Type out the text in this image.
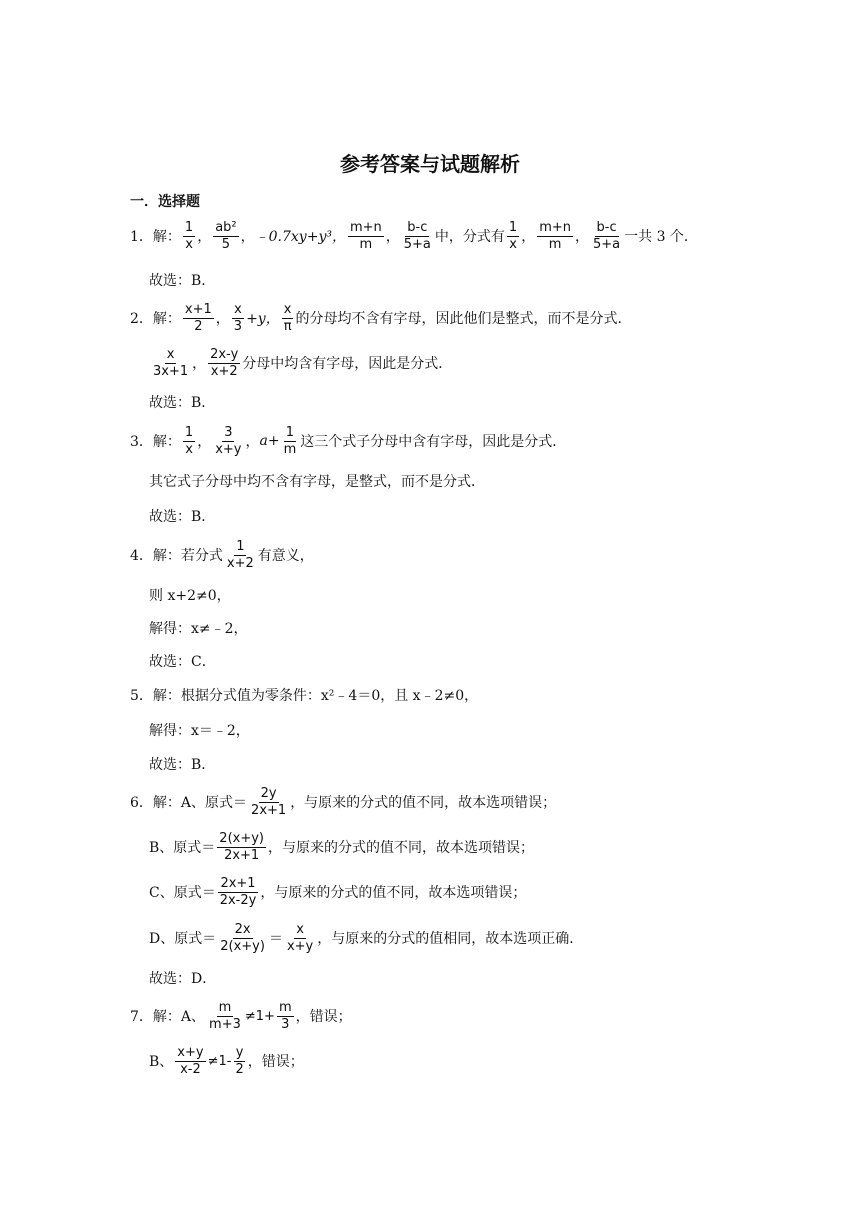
参考答案与试题解析
一．选择题
1．解： $\frac{1}{x}$ ， $\frac{\text{ab²}}{5}$ ， ﹣0.7xy+y³， $\frac{m+n}{m}$ ， $\frac{b-c}{5+a}$ 中，分式有 $\frac{1}{x}$ ， $\frac{m+n}{m}$ ， $\frac{b-c}{5+a}$ 一共 3 个．
故选：B．
2．解： $\frac{x+1}{2}$ ， $\frac{x}{3} +y$， $\frac{x}{\pi}$ 的分母均不含有字母，因此他们是整式，而不是分式．
$\frac{x}{3x+1}$ ， $\frac{2x-y}{x+2}$ 分母中均含有字母，因此是分式．
故选：B．
3．解： $\frac{1}{x}$ ， $\frac{3}{x+y}$ ， $a+ \frac{1}{m}$ 这三个式子分母中含有字母，因此是分式．
其它式子分母中均不含有字母，是整式，而不是分式．
故选：B．
4．解：若分式 $\frac{1}{x+2}$ 有意义，
则 x+2≠0，
解得：x≠﹣2，
故选：C．
5．解：根据分式值为零条件：x²﹣4＝0，且 x﹣2≠0，
解得：x＝﹣2，
故选：B．
6．解： A、原式＝ $\frac{2y}{2x+1}$ ，与原来的分式的值不同，故本选项错误；
B、原式＝ $\frac{2(x+y)}{2x+1}$ ，与原来的分式的值不同，故本选项错误；
C、原式＝ $\frac{2x+1}{2x-2y}$ ，与原来的分式的值不同，故本选项错误；
D、原式＝ $\frac{2x}{2(x+y)} = \frac{x}{x+y}$ ，与原来的分式的值相同，故本选项正确．
故选：D．
7．解： A、 $\frac{m}{m+3} \ne 1+ \frac{m}{3}$ ，错误；
B、 $\frac{x+y}{x-2} \ne 1- \frac{y}{2}$ ，错误；
